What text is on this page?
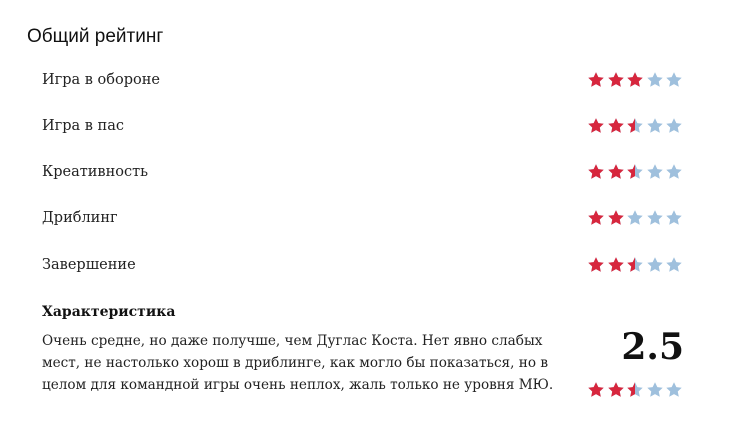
Общий рейтинг
Игра в обороне
Игра в пас
Креативность
Дриблинг
Завершение
Характеристика
Очень средне, но даже получше, чем Дуглас Коста. Нет явно слабых мест, не настолько хорош в дриблинге, как могло бы показаться, но в целом для командной игры очень неплох, жаль только не уровня МЮ.
2.5
